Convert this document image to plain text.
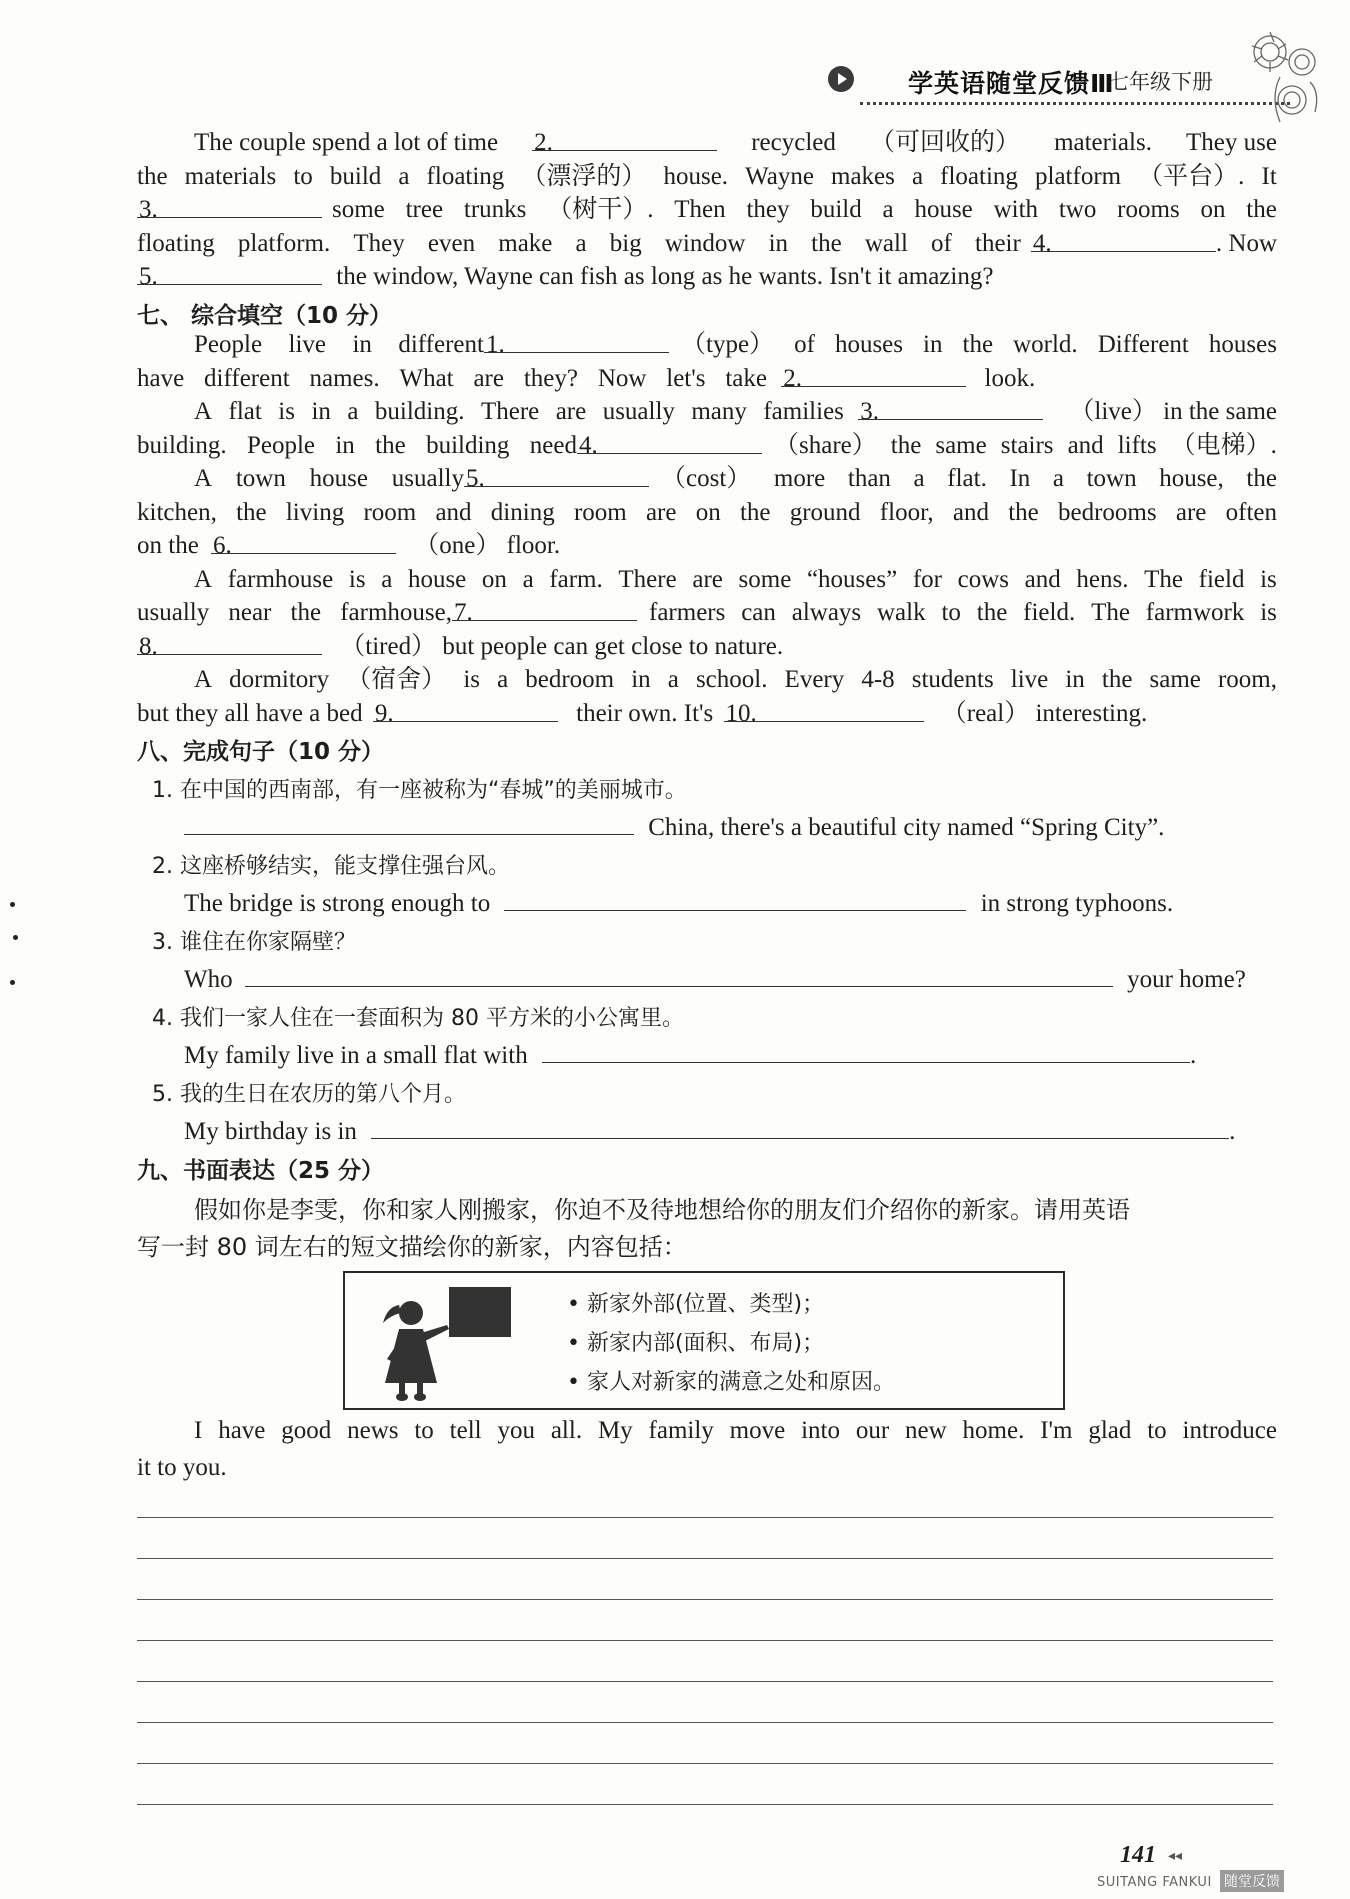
学英语随堂反馈Ⅲ
七年级下册
The couple spend a lot of time 2.	recycled （可回收的） materials. They use
the materials to build a floating （漂浮的） house. Wayne makes a floating platform （平台）. It
3.	some tree trunks （树干）. Then they build a house with two rooms on the
floating platform. They even make a big window in the wall of their 4.	. Now
5.	the window, Wayne can fish as long as he wants. Isn't it amazing?
七、 综合填空（10 分）
People live in different 1.	（type） of houses in the world. Different houses
have different names. What are they? Now let's take 2.	look.
A flat is in a building. There are usually many families 3.	（live） in the same
building. People in the building need 4.	（share） the same stairs and lifts （电梯）.
A town house usually 5.	（cost） more than a flat. In a town house, the
kitchen, the living room and dining room are on the ground floor, and the bedrooms are often
on the 6.	（one） floor.
A farmhouse is a house on a farm. There are some “houses” for cows and hens. The field is
usually near the farmhouse, 7.	farmers can always walk to the field. The farmwork is
8.	（tired） but people can get close to nature.
A dormitory （宿舍） is a bedroom in a school. Every 4-8 students live in the same room,
but they all have a bed 9.	their own. It's 10.	（real） interesting.
八、完成句子（10 分）
1. 在中国的西南部，有一座被称为“春城”的美丽城市。
China, there's a beautiful city named “Spring City”.
2. 这座桥够结实，能支撑住强台风。
The bridge is strong enough to	in strong typhoons.
3. 谁住在你家隔壁？
Who	your home?
4. 我们一家人住在一套面积为 80 平方米的小公寓里。
My family live in a small flat with	.
5. 我的生日在农历的第八个月。
My birthday is in	.
九、书面表达（25 分）
假如你是李雯，你和家人刚搬家，你迫不及待地想给你的朋友们介绍你的新家。请用英语
写一封 80 词左右的短文描绘你的新家，内容包括：
• 新家外部(位置、类型)；
• 新家内部(面积、布局)；
• 家人对新家的满意之处和原因。
I have good news to tell you all. My family move into our new home. I'm glad to introduce
it to you.
141 ◂◂
SUITANG FANKUI 随堂反馈
